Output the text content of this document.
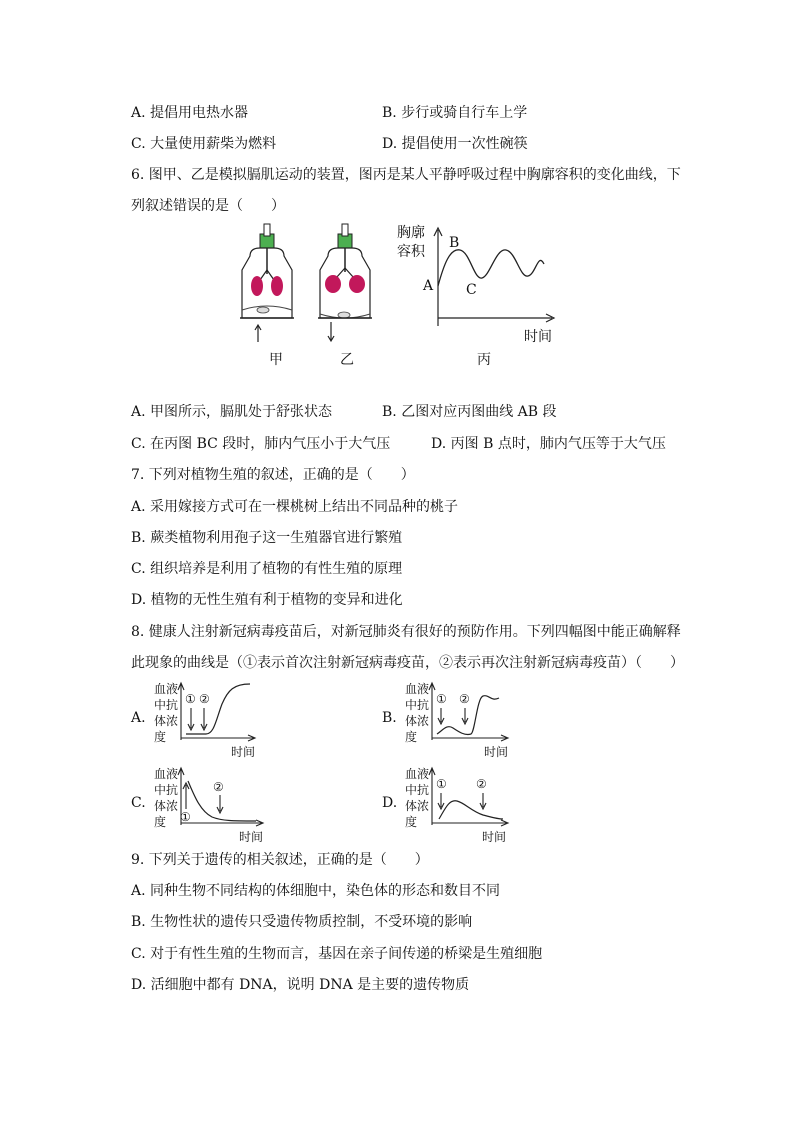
A. 提倡用电热水器	B. 步行或骑自行车上学
C. 大量使用薪柴为燃料	D. 提倡使用一次性碗筷
6. 图甲、乙是模拟膈肌运动的装置，图丙是某人平静呼吸过程中胸廓容积的变化曲线，下
列叙述错误的是（　　）
甲	乙	丙
胸廓
容积
B
A C
时间
A. 甲图所示，膈肌处于舒张状态	B. 乙图对应丙图曲线 AB 段
C. 在丙图 BC 段时，肺内气压小于大气压	D. 丙图 B 点时，肺内气压等于大气压
7. 下列对植物生殖的叙述，正确的是（　　）
A. 采用嫁接方式可在一棵桃树上结出不同品种的桃子
B. 蕨类植物利用孢子这一生殖器官进行繁殖
C. 组织培养是利用了植物的有性生殖的原理
D. 植物的无性生殖有利于植物的变异和进化
8. 健康人注射新冠病毒疫苗后，对新冠肺炎有很好的预防作用。下列四幅图中能正确解释
此现象的曲线是（①表示首次注射新冠病毒疫苗，②表示再次注射新冠病毒疫苗）（　　）
A.
血液
中抗
体浓
度
时间
① ②
B.
血液
中抗
体浓
度
时间
① ②
C.
血液
中抗
体浓
度
时间
①
②
D.
血液
中抗
体浓
度
时间
① ②
9. 下列关于遗传的相关叙述，正确的是（　　）
A. 同种生物不同结构的体细胞中，染色体的形态和数目不同
B. 生物性状的遗传只受遗传物质控制，不受环境的影响
C. 对于有性生殖的生物而言，基因在亲子间传递的桥梁是生殖细胞
D. 活细胞中都有 DNA，说明 DNA 是主要的遗传物质
